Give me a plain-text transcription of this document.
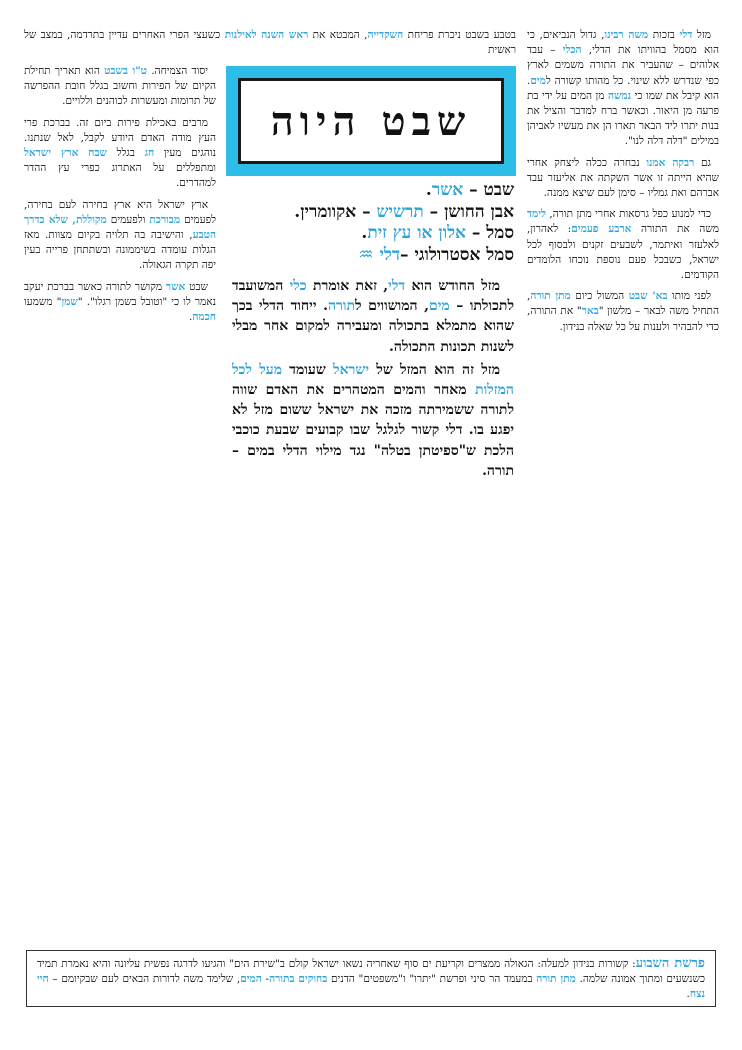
בטבע בשבט ניכרת פריחת השקדייה, המבטא את ראש השנה לאילנות כשעצי הפרי האחרים עדיין בתרדמה, במצב של ראשית
שבט היוה

מזל דלי בזכות משה רבינו, גדול הנביאים, כי הוא מסמל בהוויתו את הדלי, הכלי – עבד אלוהים – שהעביר את התורה משמים לארץ כפי שנדרש ללא שינוי. כל מהותו קשורה למים. הוא קיבל את שמו כי נמשה מן המים על ידי בת פרעה מן היאור. וכאשר ברח למדבר והציל את בנות יתרו ליד הבאר תארו הן את מעשיו לאביהן במילים "דלה דלה לנו".

גם רבקה אמנו נבחרה ככלה ליצחק אחרי שהיא הייתה זו אשר השקתה את אליעזר עבד אברהם ואת גמליו – סימן לעם שיצא ממנה.

כדי למנוע כפל גרסאות אחרי מתן תורה, לימד משה את התורה ארבע פעמים: לאהרון, לאלעזר ואיתמר, לשבעים זקנים ולבסוף לכל ישראל, כשבכל פעם נוספת נוכחו הלומדים הקודמים.

לפני מותו בא' שבט המשול כיום מתן תורה, התחיל משה לבאר – מלשון "באר" את התורה, כדי להבהיר ולענות על כל שאלה בנידון.

יסוד הצמיחה. ט"ו בשבט הוא תאריך תחילת הקיום של הפירות וחשוב בגלל חובת ההפרשה של תרומות ומעשרות לכוהנים וללויים.

מרבים באכילת פירות ביום זה. בברכת פרי העץ מודה האדם היודע לקבל, לאל שנתנו. נוהגים מעין חג בגלל שבח ארץ ישראל ומתפללים על האתרוג כפרי עץ ההדר למהדרים.

ארץ ישראל היא ארץ בחירה לעם בחירה, לפעמים מבורכת ולפעמים מקוללת, שלא כדרך הטבע, והישיבה בה תלויה בקיום מצוות. מאז הגלות עומדה בשיממונה וכשתתחן פרייה בעין יפה תקרה הגאולה.

שבט אשר מקושר לתורה כאשר בברכת יעקב נאמר לו כי "וטובל בשמן רגלו". "שמן" משמעו חכמה.

שבט – אשר.
אבן החושן – תרשיש – אקוומרין.
סמל – אלון או עץ זית.
סמל אסטרולוגי –דלי ♒

מזל החודש הוא דלי, זאת אומרת כלי המשועבד לתכולתו – מים, המושווים לתורה. ייחוד הדלי בכך שהוא מתמלא בתכולה ומעבירה למקום אחר מבלי לשנות תכונות התכולה.

מזל זה הוא המזל של ישראל שעומד מעל לכל המזלות מאחר והמים המטהרים את האדם שווה לתורה ששמירתה מזכה את ישראל ששום מזל לא יפגע בו. דלי קשור לגלגל שבו קבועים שבעת כוכבי הלכת ש"ספיטתן בטלה" נגד מילוי הדלי במים – תורה.

פרשת השבוע: קשורות בנידון למעלה: הגאולה ממצרים וקריעת ים סוף שאחריה נשאו ישראל קולם ב"שירת הים" והגיעו לדרגה נפשית עליונה והיא נאמרת תמיד כשנשעים ומתוך אמונה שלמה. מתן תורה במעמד הר סיני ופרשת "יתרו" ו"משפטים" הדנים בחוקים בתורה- המים, שלימד משה לדורות הבאים לעם שבקיומם – חיי נצח.
